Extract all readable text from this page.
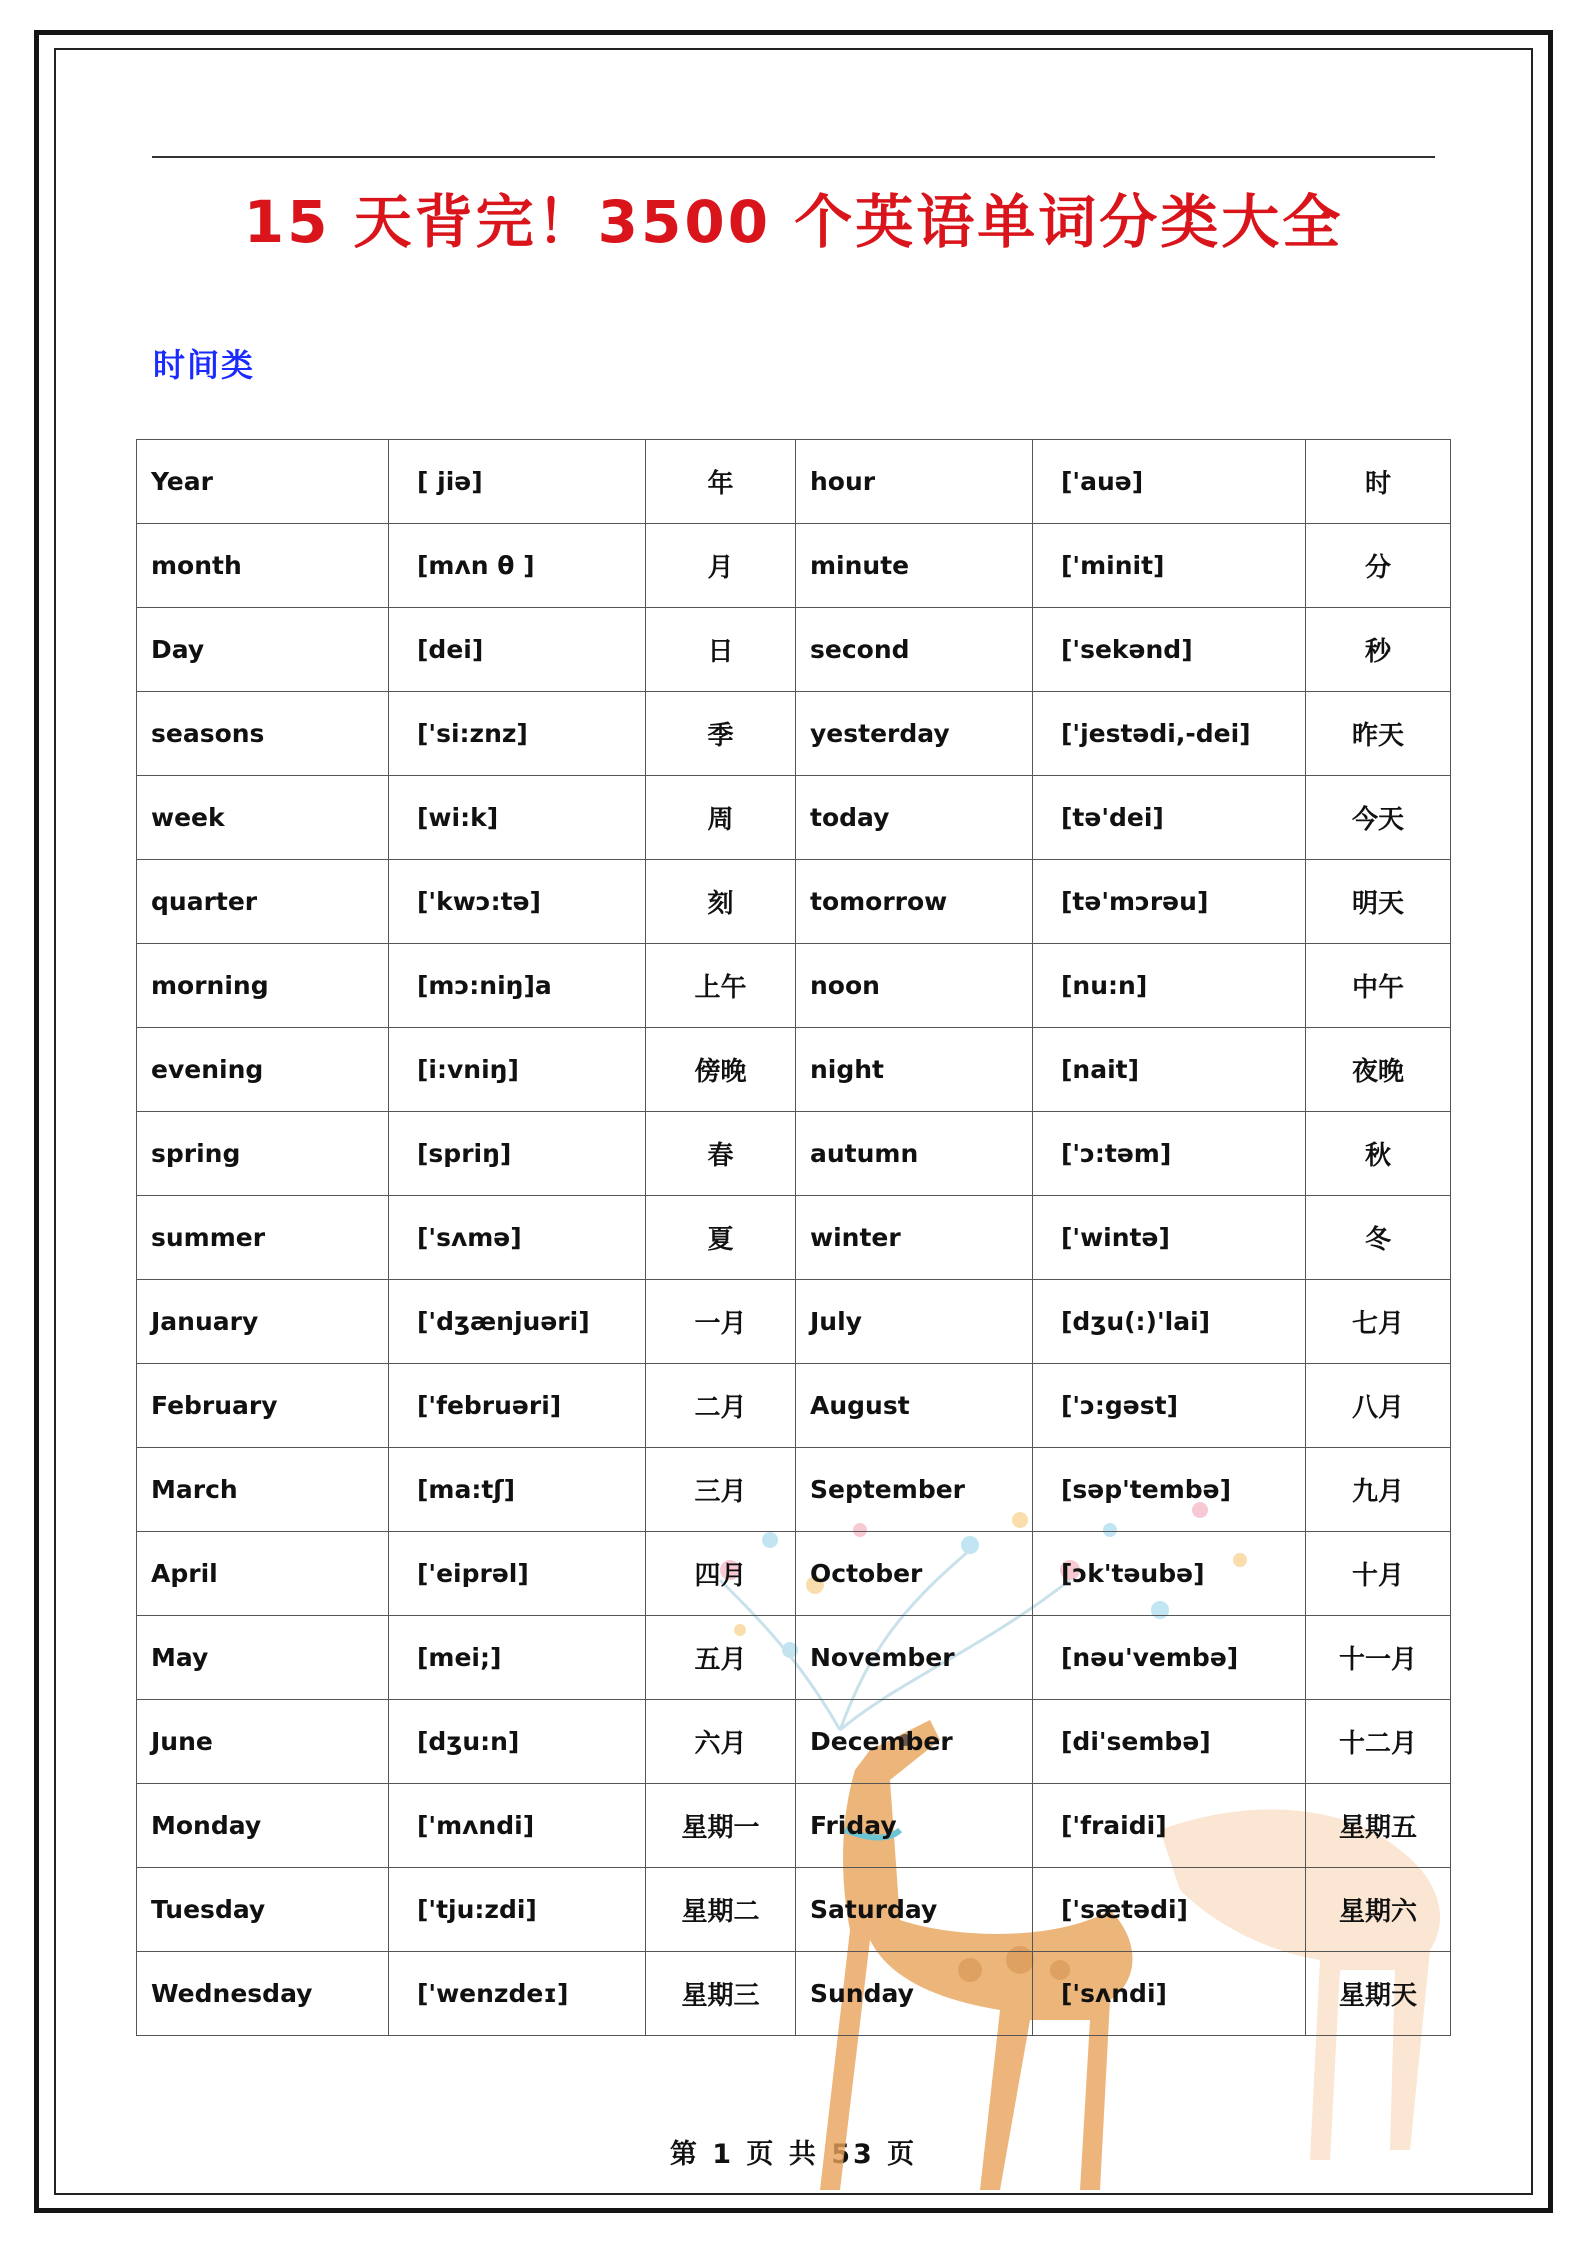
15 天背完！3500 个英语单词分类大全
时间类
Year	[ jiə]	年	hour	['auə]	时
month	[mʌn θ ]	月	minute	['minit]	分
Day	[dei]	日	second	['sekənd]	秒
seasons	['si:znz]	季	yesterday	['jestədi,-dei]	昨天
week	[wi:k]	周	today	[tə'dei]	今天
quarter	['kwɔ:tə]	刻	tomorrow	[tə'mɔrəu]	明天
morning	[mɔ:niŋ]a	上午	noon	[nu:n]	中午
evening	[i:vniŋ]	傍晚	night	[nait]	夜晚
spring	[spriŋ]	春	autumn	['ɔ:təm]	秋
summer	['sʌmə]	夏	winter	['wintə]	冬
January	['dʒænjuəri]	一月	July	[dʒu(:)'lai]	七月
February	['februəri]	二月	August	['ɔ:gəst]	八月
March	[ma:tʃ]	三月	September	[səp'tembə]	九月
April	['eiprəl]	四月	October	[ɔk'təubə]	十月
May	[mei;]	五月	November	[nəu'vembə]	十一月
June	[dʒu:n]	六月	December	[di'sembə]	十二月
Monday	['mʌndi]	星期一	Friday	['fraidi]	星期五
Tuesday	['tju:zdi]	星期二	Saturday	['sætədi]	星期六
Wednesday	['wenzdeɪ]	星期三	Sunday	['sʌndi]	星期天
第 1 页 共 53 页
